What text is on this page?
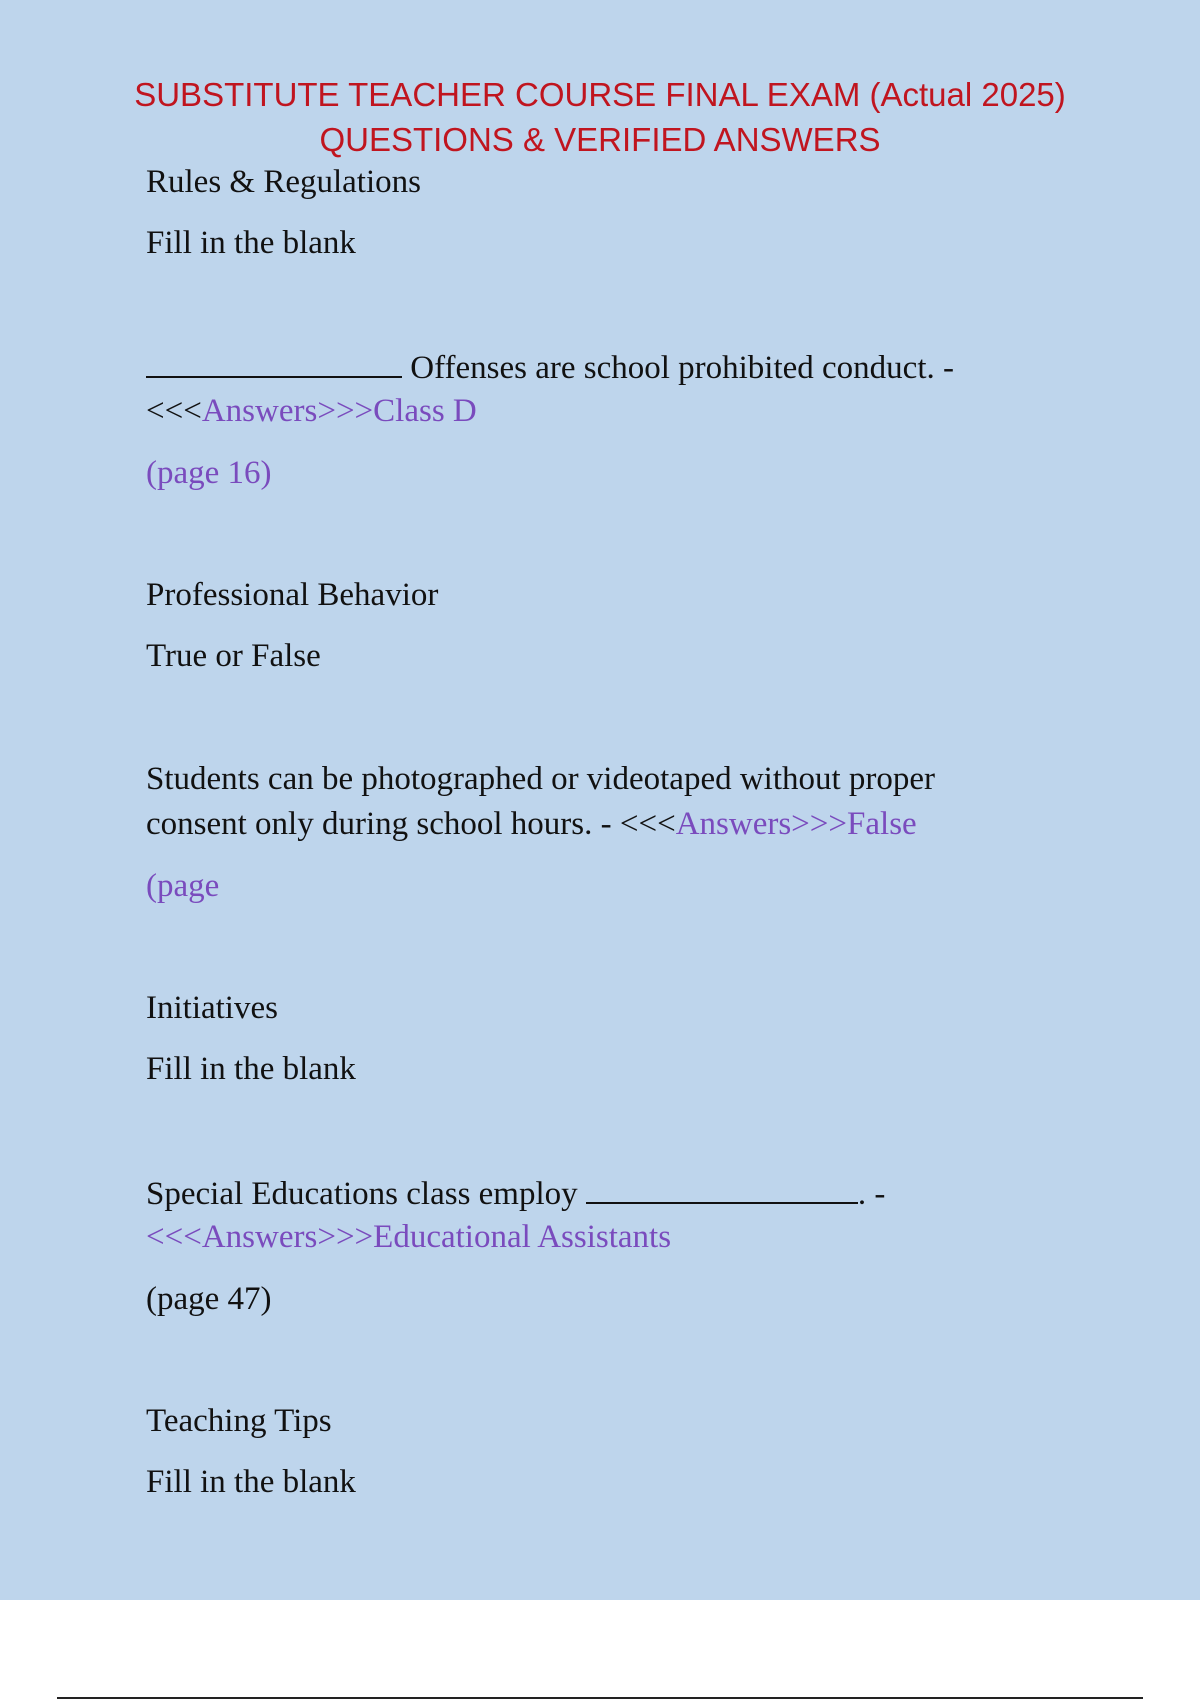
SUBSTITUTE TEACHER COURSE FINAL EXAM (Actual 2025) QUESTIONS & VERIFIED ANSWERS
Rules & Regulations
Fill in the blank
Offenses are school prohibited conduct. -
<<<Answers>>>Class D
(page 16)
Professional Behavior
True or False
Students can be photographed or videotaped without proper
consent only during school hours. - <<<Answers>>>False
(page
Initiatives
Fill in the blank
Special Educations class employ	. -
<<<Answers>>>Educational Assistants
(page 47)
Teaching Tips
Fill in the blank
